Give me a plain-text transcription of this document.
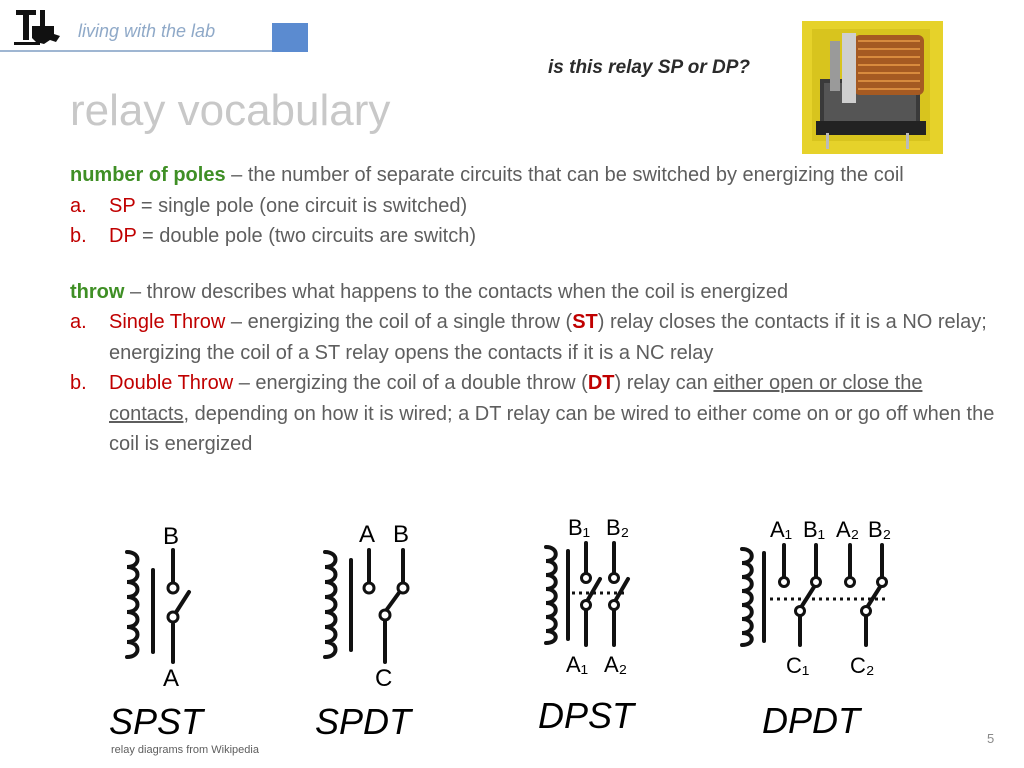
living with the lab
is this relay SP or DP?
relay vocabulary

number of poles – the number of separate circuits that can be switched by energizing the coil

a. SP = single pole (one circuit is switched)

b. DP = double pole (two circuits are switch)

throw – throw describes what happens to the contacts when the coil is energized

a. Single Throw – energizing the coil of a single throw (ST) relay closes the contacts if it is a NO relay; energizing the coil of a ST relay opens the contacts if it is a NC relay

b. Double Throw – energizing the coil of a double throw (DT) relay can either open or close the contacts, depending on how it is wired; a DT relay can be wired to either come on or go off when the coil is energized

B
A
SPST
A B
C
SPDT
B₁ B₂
A₁ A₂
DPST
A₁ B₁ A₂ B₂
C₁ C₂
DPDT
relay diagrams from Wikipedia
5
